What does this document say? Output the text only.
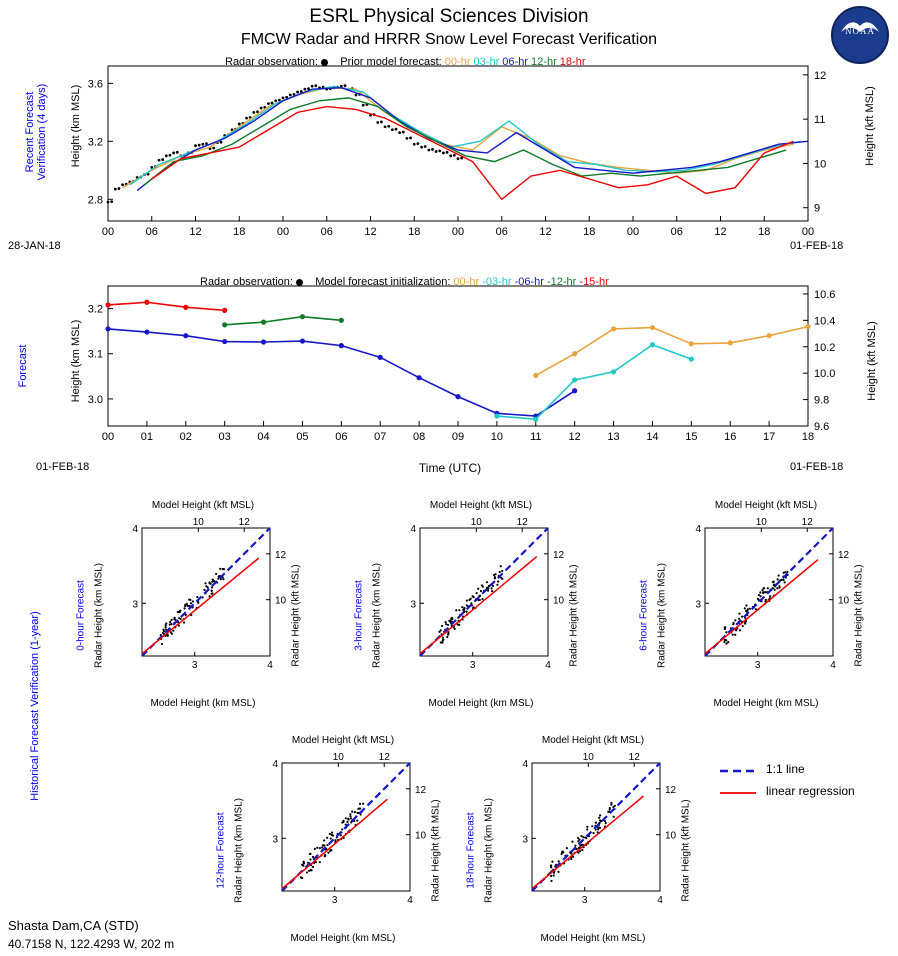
ESRL Physical Sciences Division
FMCW Radar and HRRR Snow Level Forecast Verification	NOAA
Recent Forecast
Verification (4 days)
Forecast
Historical Forecast Verification (1-year)
Radar observation: Prior model forecast: 00-hr 03-hr 06-hr 12-hr 18-hr
00	06	12	18	00	06	12	18	00	06	12	18	00	06	12	18	00
2.8
3.2
3.6
9
10
11
12
Height (km MSL)	Height (kft MSL)
28-JAN-18	01-FEB-18
Radar observation: Model forecast initialization: 00-hr -03-hr -06-hr -12-hr -15-hr
00 01 02 03 04 05 06 07 08 09 10 11 12 13 14 15 16 17 18
3.0
3.1
3.2
9.6
9.8
10.0
10.2
10.4
10.6
Height (km MSL)	Height (kft MSL)
Time (UTC)
01-FEB-18	01-FEB-18
Model Height (kft MSL)
3	4
3
4
10	12
10
12
Model Height (km MSL)
Radar Height (km MSL)
0-hour Forecast	Radar Height (kft MSL)
Model Height (kft MSL)
3	4
3
4
10	12
10
12
Model Height (km MSL)
Radar Height (km MSL)
3-hour Forecast	Radar Height (kft MSL)
Model Height (kft MSL)
3	4
3
4
10	12
10
12
Model Height (km MSL)
Radar Height (km MSL)
6-hour Forecast	Radar Height (kft MSL)
Model Height (kft MSL)
3	4
3
4
10	12
10
12
Model Height (km MSL)
Radar Height (km MSL)
12-hour Forecast	Radar Height (kft MSL)
Model Height (kft MSL)
3	4
3
4
10	12
10
12
Model Height (km MSL)
Radar Height (km MSL)
18-hour Forecast	Radar Height (kft MSL)
1:1 line
linear regression
Shasta Dam,CA (STD)
40.7158 N, 122.4293 W, 202 m
